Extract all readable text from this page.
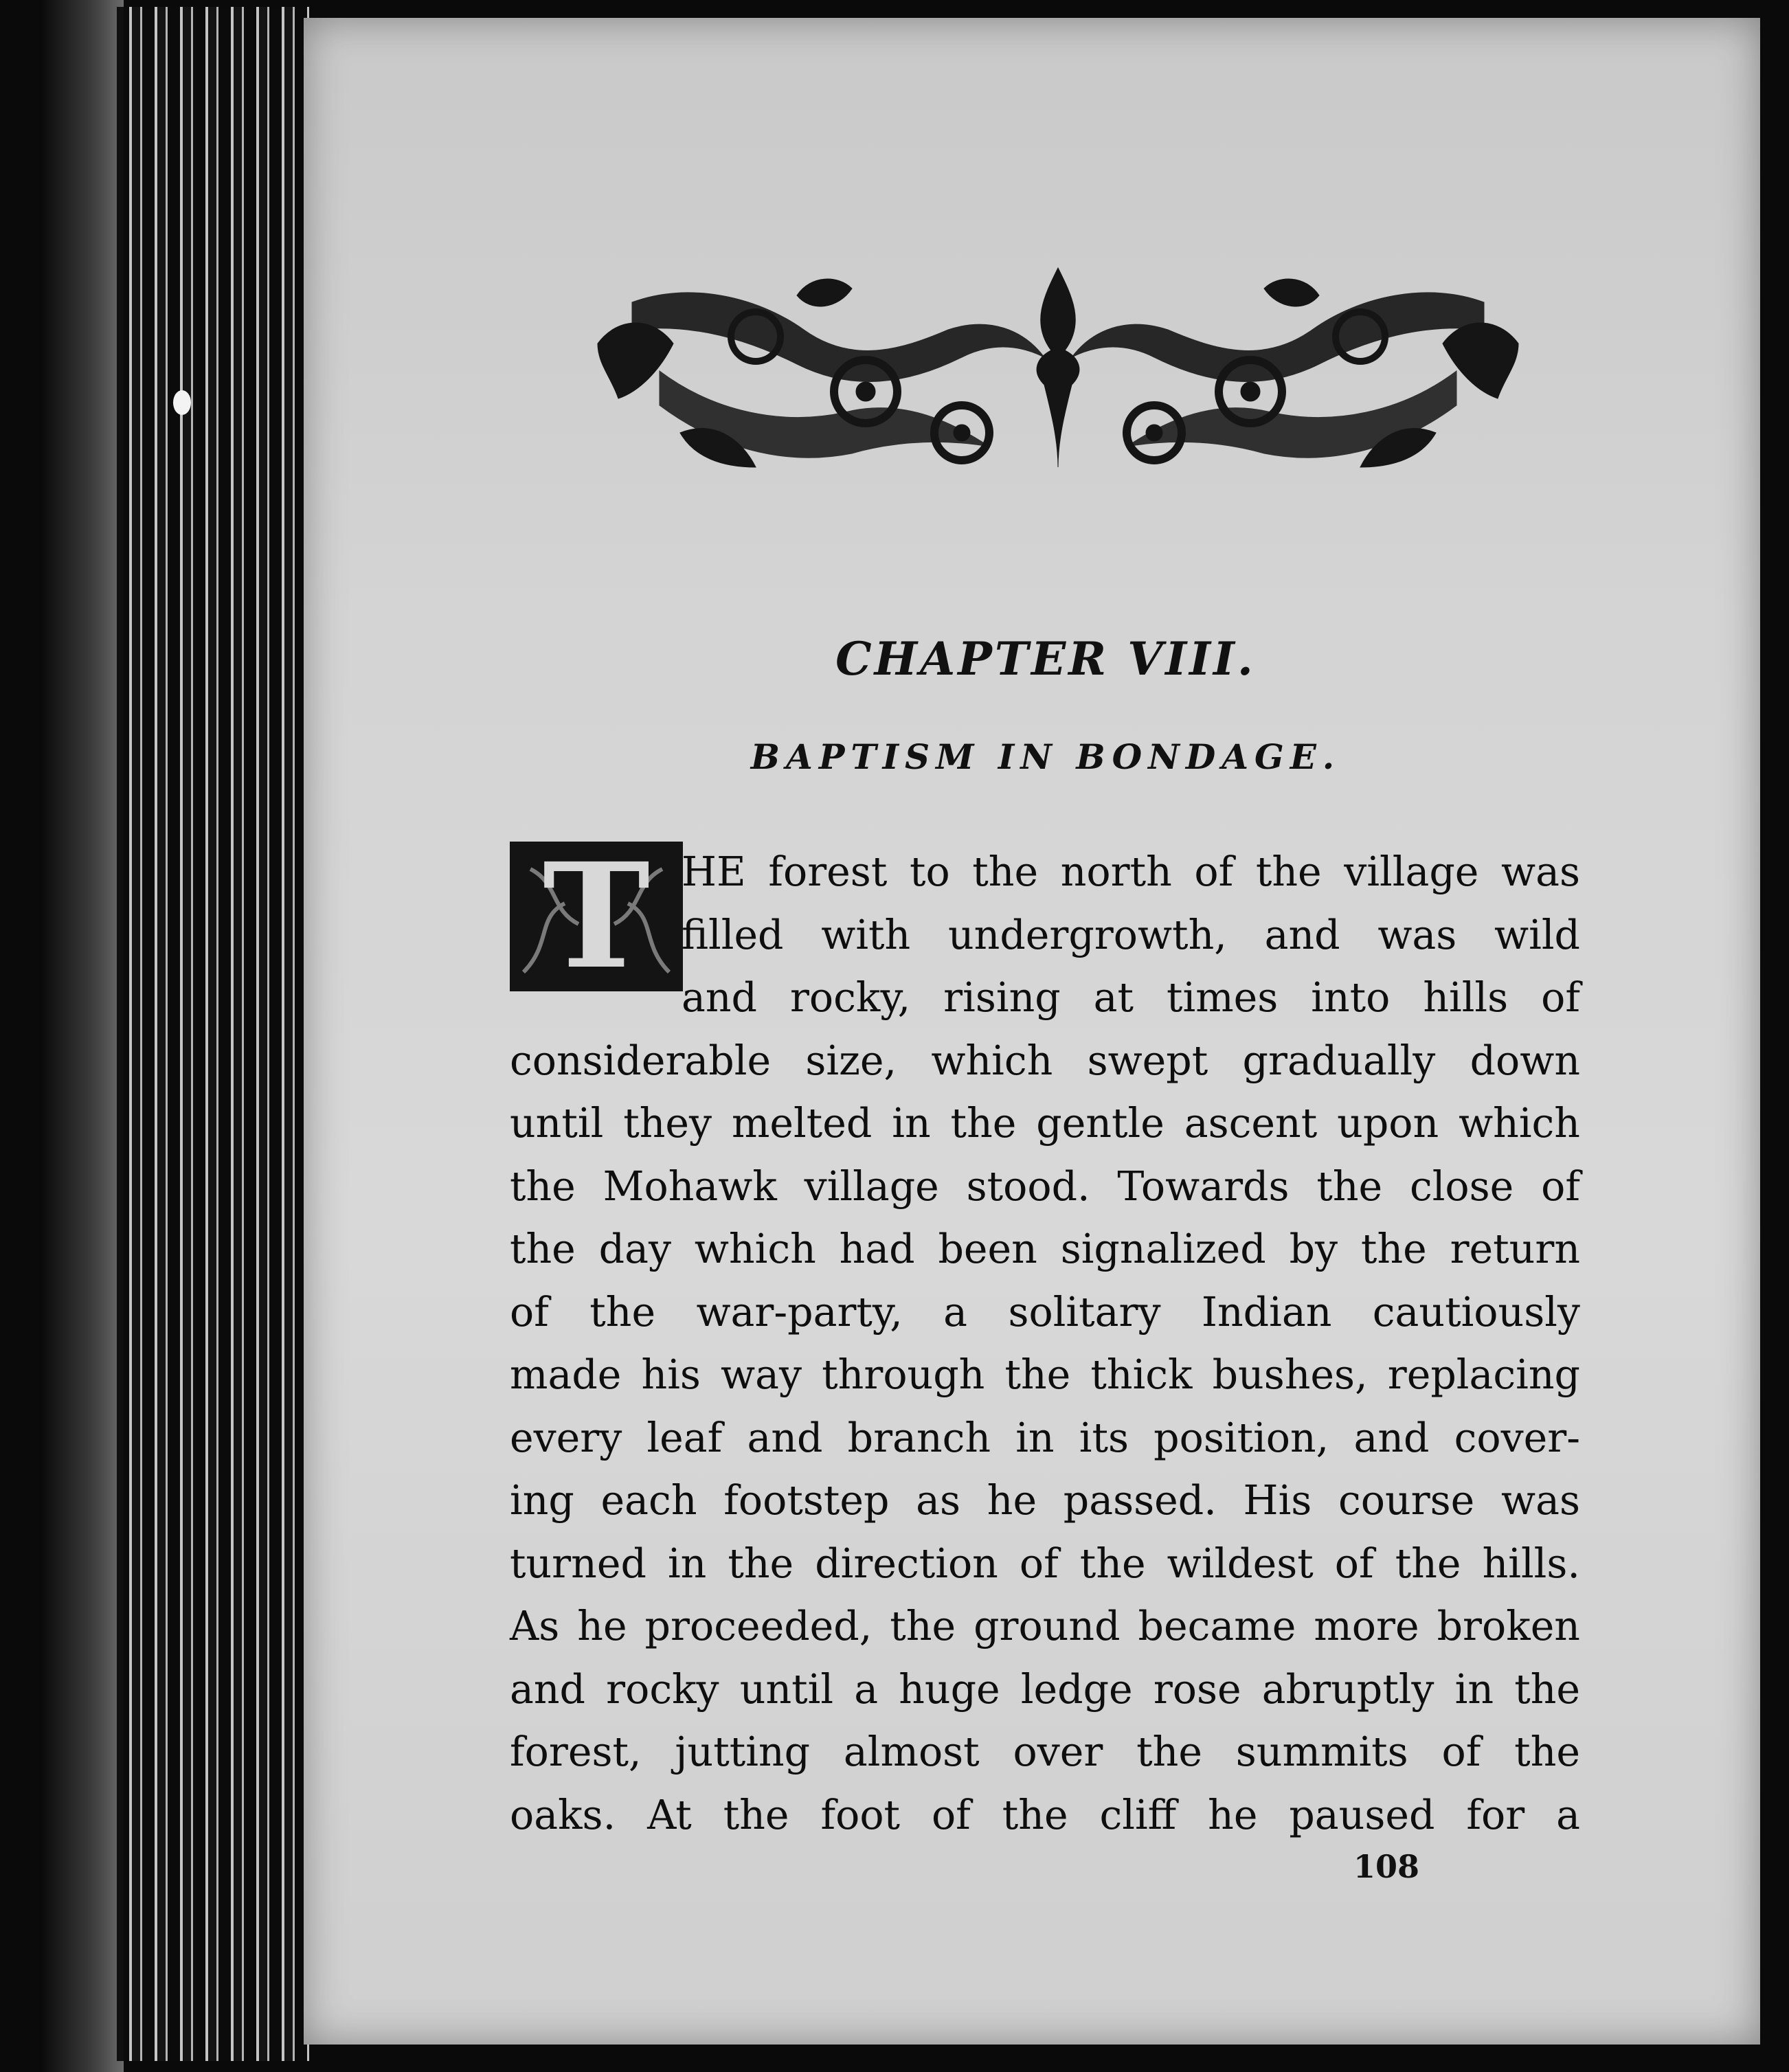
CHAPTER VIII.
BAPTISM IN BONDAGE.
T HE forest to the north of the village was
filled with undergrowth, and was wild
and rocky, rising at times into hills of
considerable size, which swept gradually down
until they melted in the gentle ascent upon which
the Mohawk village stood. Towards the close of
the day which had been signalized by the return
of the war-party, a solitary Indian cautiously
made his way through the thick bushes, replacing
every leaf and branch in its position, and cover-
ing each footstep as he passed. His course was
turned in the direction of the wildest of the hills.
As he proceeded, the ground became more broken
and rocky until a huge ledge rose abruptly in the
forest, jutting almost over the summits of the
oaks. At the foot of the cliff he paused for a
108
